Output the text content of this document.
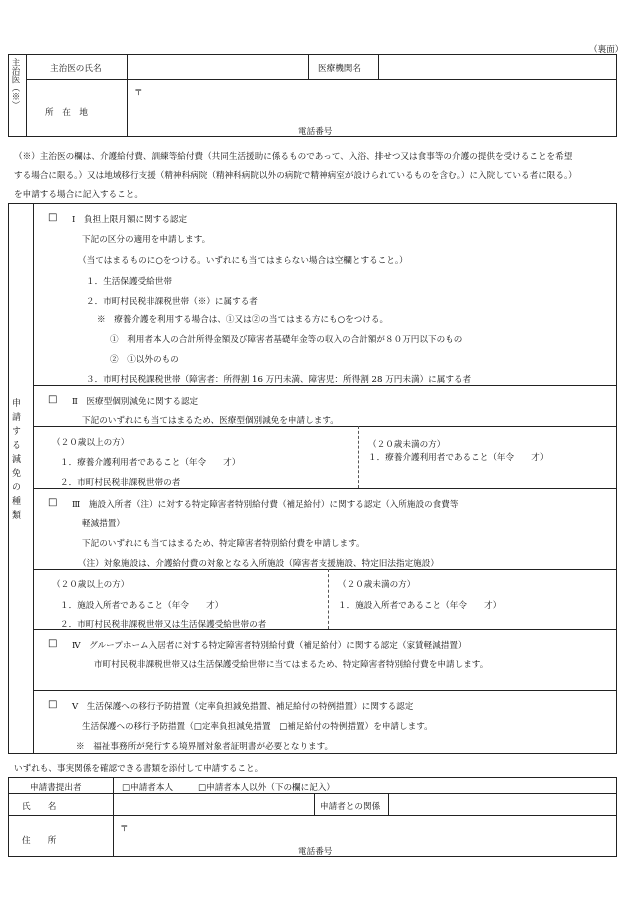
（裏面）
主治医（※）	主治医の氏名	医療機関名
所　在　地
〒
電話番号
（※）主治医の欄は、介護給付費、訓練等給付費（共同生活援助に係るものであって、入浴、排せつ又は食事等の介護の提供を受けることを希望
する場合に限る。）又は地域移行支援（精神科病院（精神科病院以外の病院で精神病室が設けられているものを含む。）に入院している者に限る。）
を申請する場合に記入すること。
申請する減免の種類
□ Ⅰ　負担上限月額に関する認定
下記の区分の適用を申請します。
（当てはまるものに○をつける。いずれにも当てはまらない場合は空欄とすること。）
１．生活保護受給世帯
２．市町村民税非課税世帯（※）に属する者
※　療養介護を利用する場合は、①又は②の当てはまる方にも○をつける。
①　利用者本人の合計所得金額及び障害者基礎年金等の収入の合計額が８０万円以下のもの
②　①以外のもの
３．市町村民税課税世帯（障害者：所得割 16 万円未満、障害児：所得割 28 万円未満）に属する者
□ Ⅱ　医療型個別減免に関する認定
下記のいずれにも当てはまるため、医療型個別減免を申請します。
（２０歳以上の方）
１．療養介護利用者であること（年令　　才）
２．市町村民税非課税世帯の者
（２０歳未満の方）
１．療養介護利用者であること（年令　　才）
□ Ⅲ　施設入所者（注）に対する特定障害者特別給付費（補足給付）に関する認定（入所施設の食費等
軽減措置）
下記のいずれにも当てはまるため、特定障害者特別給付費を申請します。
（注）対象施設は、介護給付費の対象となる入所施設（障害者支援施設、特定旧法指定施設）
（２０歳以上の方）
１．施設入所者であること（年令　　才）
２．市町村民税非課税世帯又は生活保護受給世帯の者
（２０歳未満の方）
１．施設入所者であること（年令　　才）
□ Ⅳ　グループホーム入居者に対する特定障害者特別給付費（補足給付）に関する認定（家賃軽減措置）
市町村民税非課税世帯又は生活保護受給世帯に当てはまるため、特定障害者特別給付費を申請します。
□ Ⅴ　生活保護への移行予防措置（定率負担減免措置、補足給付の特例措置）に関する認定
生活保護への移行予防措置（□定率負担減免措置　□補足給付の特例措置）を申請します。
※　福祉事務所が発行する境界層対象者証明書が必要となります。
いずれも、事実関係を確認できる書類を添付して申請すること。
申請書提出者	□申請者本人	□申請者本人以外（下の欄に記入）
氏　　名	申請者との関係
住　　所
〒
電話番号
